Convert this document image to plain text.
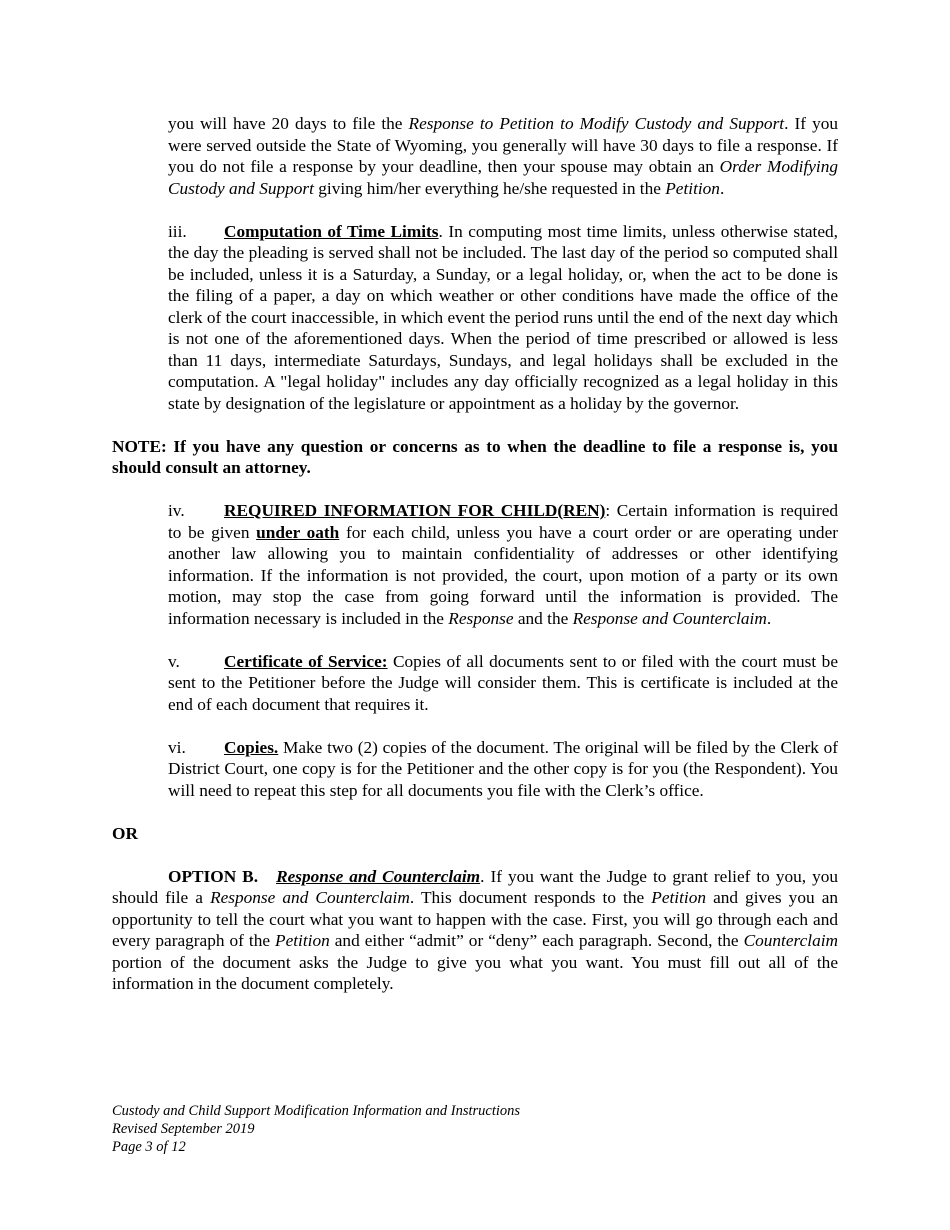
you will have 20 days to file the Response to Petition to Modify Custody and Support. If you were served outside the State of Wyoming, you generally will have 30 days to file a response. If you do not file a response by your deadline, then your spouse may obtain an Order Modifying Custody and Support giving him/her everything he/she requested in the Petition.
iii. Computation of Time Limits. In computing most time limits, unless otherwise stated, the day the pleading is served shall not be included. The last day of the period so computed shall be included, unless it is a Saturday, a Sunday, or a legal holiday, or, when the act to be done is the filing of a paper, a day on which weather or other conditions have made the office of the clerk of the court inaccessible, in which event the period runs until the end of the next day which is not one of the aforementioned days. When the period of time prescribed or allowed is less than 11 days, intermediate Saturdays, Sundays, and legal holidays shall be excluded in the computation. A "legal holiday" includes any day officially recognized as a legal holiday in this state by designation of the legislature or appointment as a holiday by the governor.
NOTE: If you have any question or concerns as to when the deadline to file a response is, you should consult an attorney.
iv. REQUIRED INFORMATION FOR CHILD(REN): Certain information is required to be given under oath for each child, unless you have a court order or are operating under another law allowing you to maintain confidentiality of addresses or other identifying information. If the information is not provided, the court, upon motion of a party or its own motion, may stop the case from going forward until the information is provided. The information necessary is included in the Response and the Response and Counterclaim.
v.	Certificate of Service: Copies of all documents sent to or filed with the court must be sent to the Petitioner before the Judge will consider them. This is certificate is included at the end of each document that requires it.
vi. Copies. Make two (2) copies of the document. The original will be filed by the Clerk of District Court, one copy is for the Petitioner and the other copy is for you (the Respondent). You will need to repeat this step for all documents you file with the Clerk’s office.
OR
OPTION B. Response and Counterclaim. If you want the Judge to grant relief to you, you should file a Response and Counterclaim. This document responds to the Petition and gives you an opportunity to tell the court what you want to happen with the case. First, you will go through each and every paragraph of the Petition and either “admit” or “deny” each paragraph. Second, the Counterclaim portion of the document asks the Judge to give you what you want. You must fill out all of the information in the document completely.
Custody and Child Support Modification Information and Instructions
Revised September 2019
Page 3 of 12
